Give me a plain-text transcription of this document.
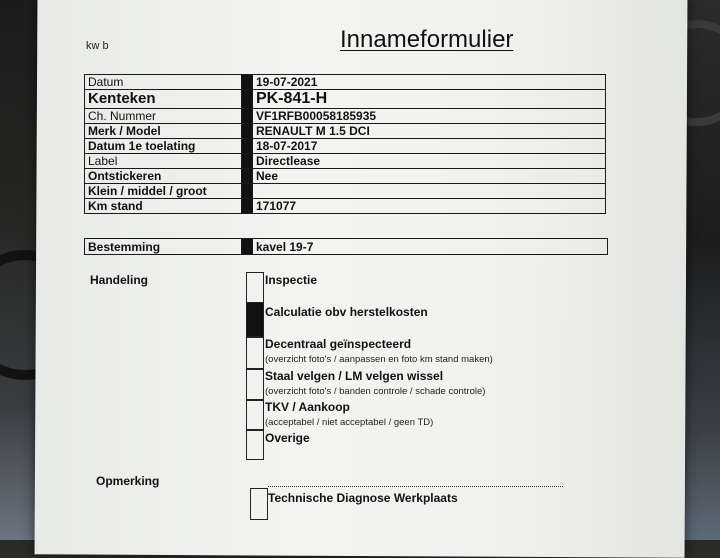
kw b	Innameformulier
Datum		19-07-2021
Kenteken		PK-841-H
Ch. Nummer		VF1RFB00058185935
Merk / Model		RENAULT M 1.5 DCI
Datum 1e toelating		18-07-2017
Label		Directlease
Ontstickeren		Nee
Klein / middel / groot		
Km stand		171077
Bestemming		kavel 19-7
Handeling	Inspectie
Calculatie obv herstelkosten
Decentraal geïnspecteerd
(overzicht foto's / aanpassen en foto km stand maken)
Staal velgen / LM velgen wissel
(overzicht foto's / banden controle / schade controle)
TKV / Aankoop
(acceptabel / niet acceptabel / geen TD)
Overige
Opmerking
Technische Diagnose Werkplaats
